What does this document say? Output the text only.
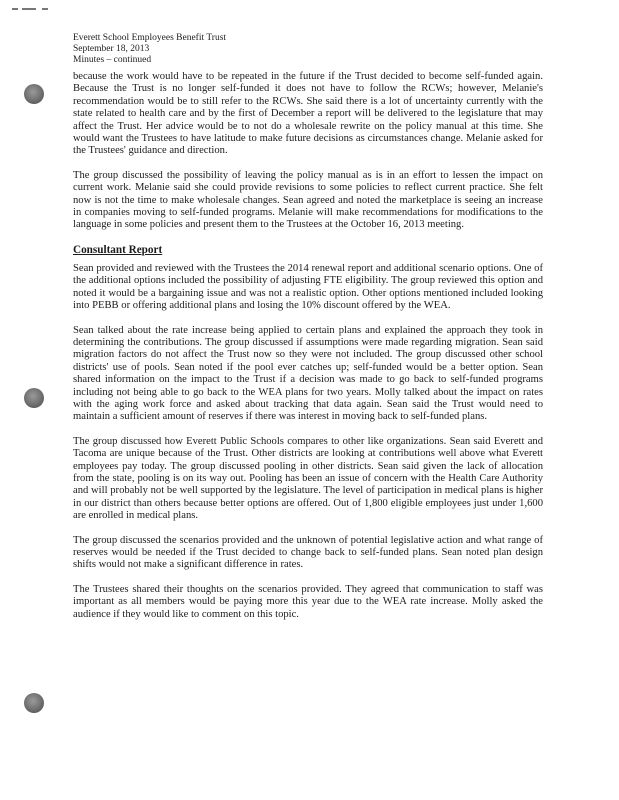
Everett School Employees Benefit Trust
September 18, 2013
Minutes – continued

because the work would have to be repeated in the future if the Trust decided to become self-funded again. Because the Trust is no longer self-funded it does not have to follow the RCWs; however, Melanie's recommendation would be to still refer to the RCWs. She said there is a lot of uncertainty currently with the state related to health care and by the first of December a report will be delivered to the legislature that may affect the Trust. Her advice would be to not do a wholesale rewrite on the policy manual at this time. She would want the Trustees to have latitude to make future decisions as circumstances change. Melanie asked for the Trustees' guidance and direction.

The group discussed the possibility of leaving the policy manual as is in an effort to lessen the impact on current work. Melanie said she could provide revisions to some policies to reflect current practice. She felt now is not the time to make wholesale changes. Sean agreed and noted the marketplace is seeing an increase in companies moving to self-funded programs. Melanie will make recommendations for modifications to the language in some policies and present them to the Trustees at the October 16, 2013 meeting.

Consultant Report

Sean provided and reviewed with the Trustees the 2014 renewal report and additional scenario options. One of the additional options included the possibility of adjusting FTE eligibility. The group reviewed this option and noted it would be a bargaining issue and was not a realistic option. Other options mentioned included looking into PEBB or offering additional plans and losing the 10% discount offered by the WEA.

Sean talked about the rate increase being applied to certain plans and explained the approach they took in determining the contributions. The group discussed if assumptions were made regarding migration. Sean said migration factors do not affect the Trust now so they were not included. The group discussed other school districts' use of pools. Sean noted if the pool ever catches up; self-funded would be a better option. Sean shared information on the impact to the Trust if a decision was made to go back to self-funded programs including not being able to go back to the WEA plans for two years. Molly talked about the impact on rates with the aging work force and asked about tracking that data again. Sean said the Trust would need to maintain a sufficient amount of reserves if there was interest in moving back to self-funded plans.

The group discussed how Everett Public Schools compares to other like organizations. Sean said Everett and Tacoma are unique because of the Trust. Other districts are looking at contributions well above what Everett employees pay today. The group discussed pooling in other districts. Sean said given the lack of allocation from the state, pooling is on its way out. Pooling has been an issue of concern with the Health Care Authority and will probably not be well supported by the legislature. The level of participation in medical plans is higher in our district than others because better options are offered. Out of 1,800 eligible employees just under 1,600 are enrolled in medical plans.

The group discussed the scenarios provided and the unknown of potential legislative action and what range of reserves would be needed if the Trust decided to change back to self-funded plans. Sean noted plan design shifts would not make a significant difference in rates.

The Trustees shared their thoughts on the scenarios provided. They agreed that communication to staff was important as all members would be paying more this year due to the WEA rate increase. Molly asked the audience if they would like to comment on this topic.
